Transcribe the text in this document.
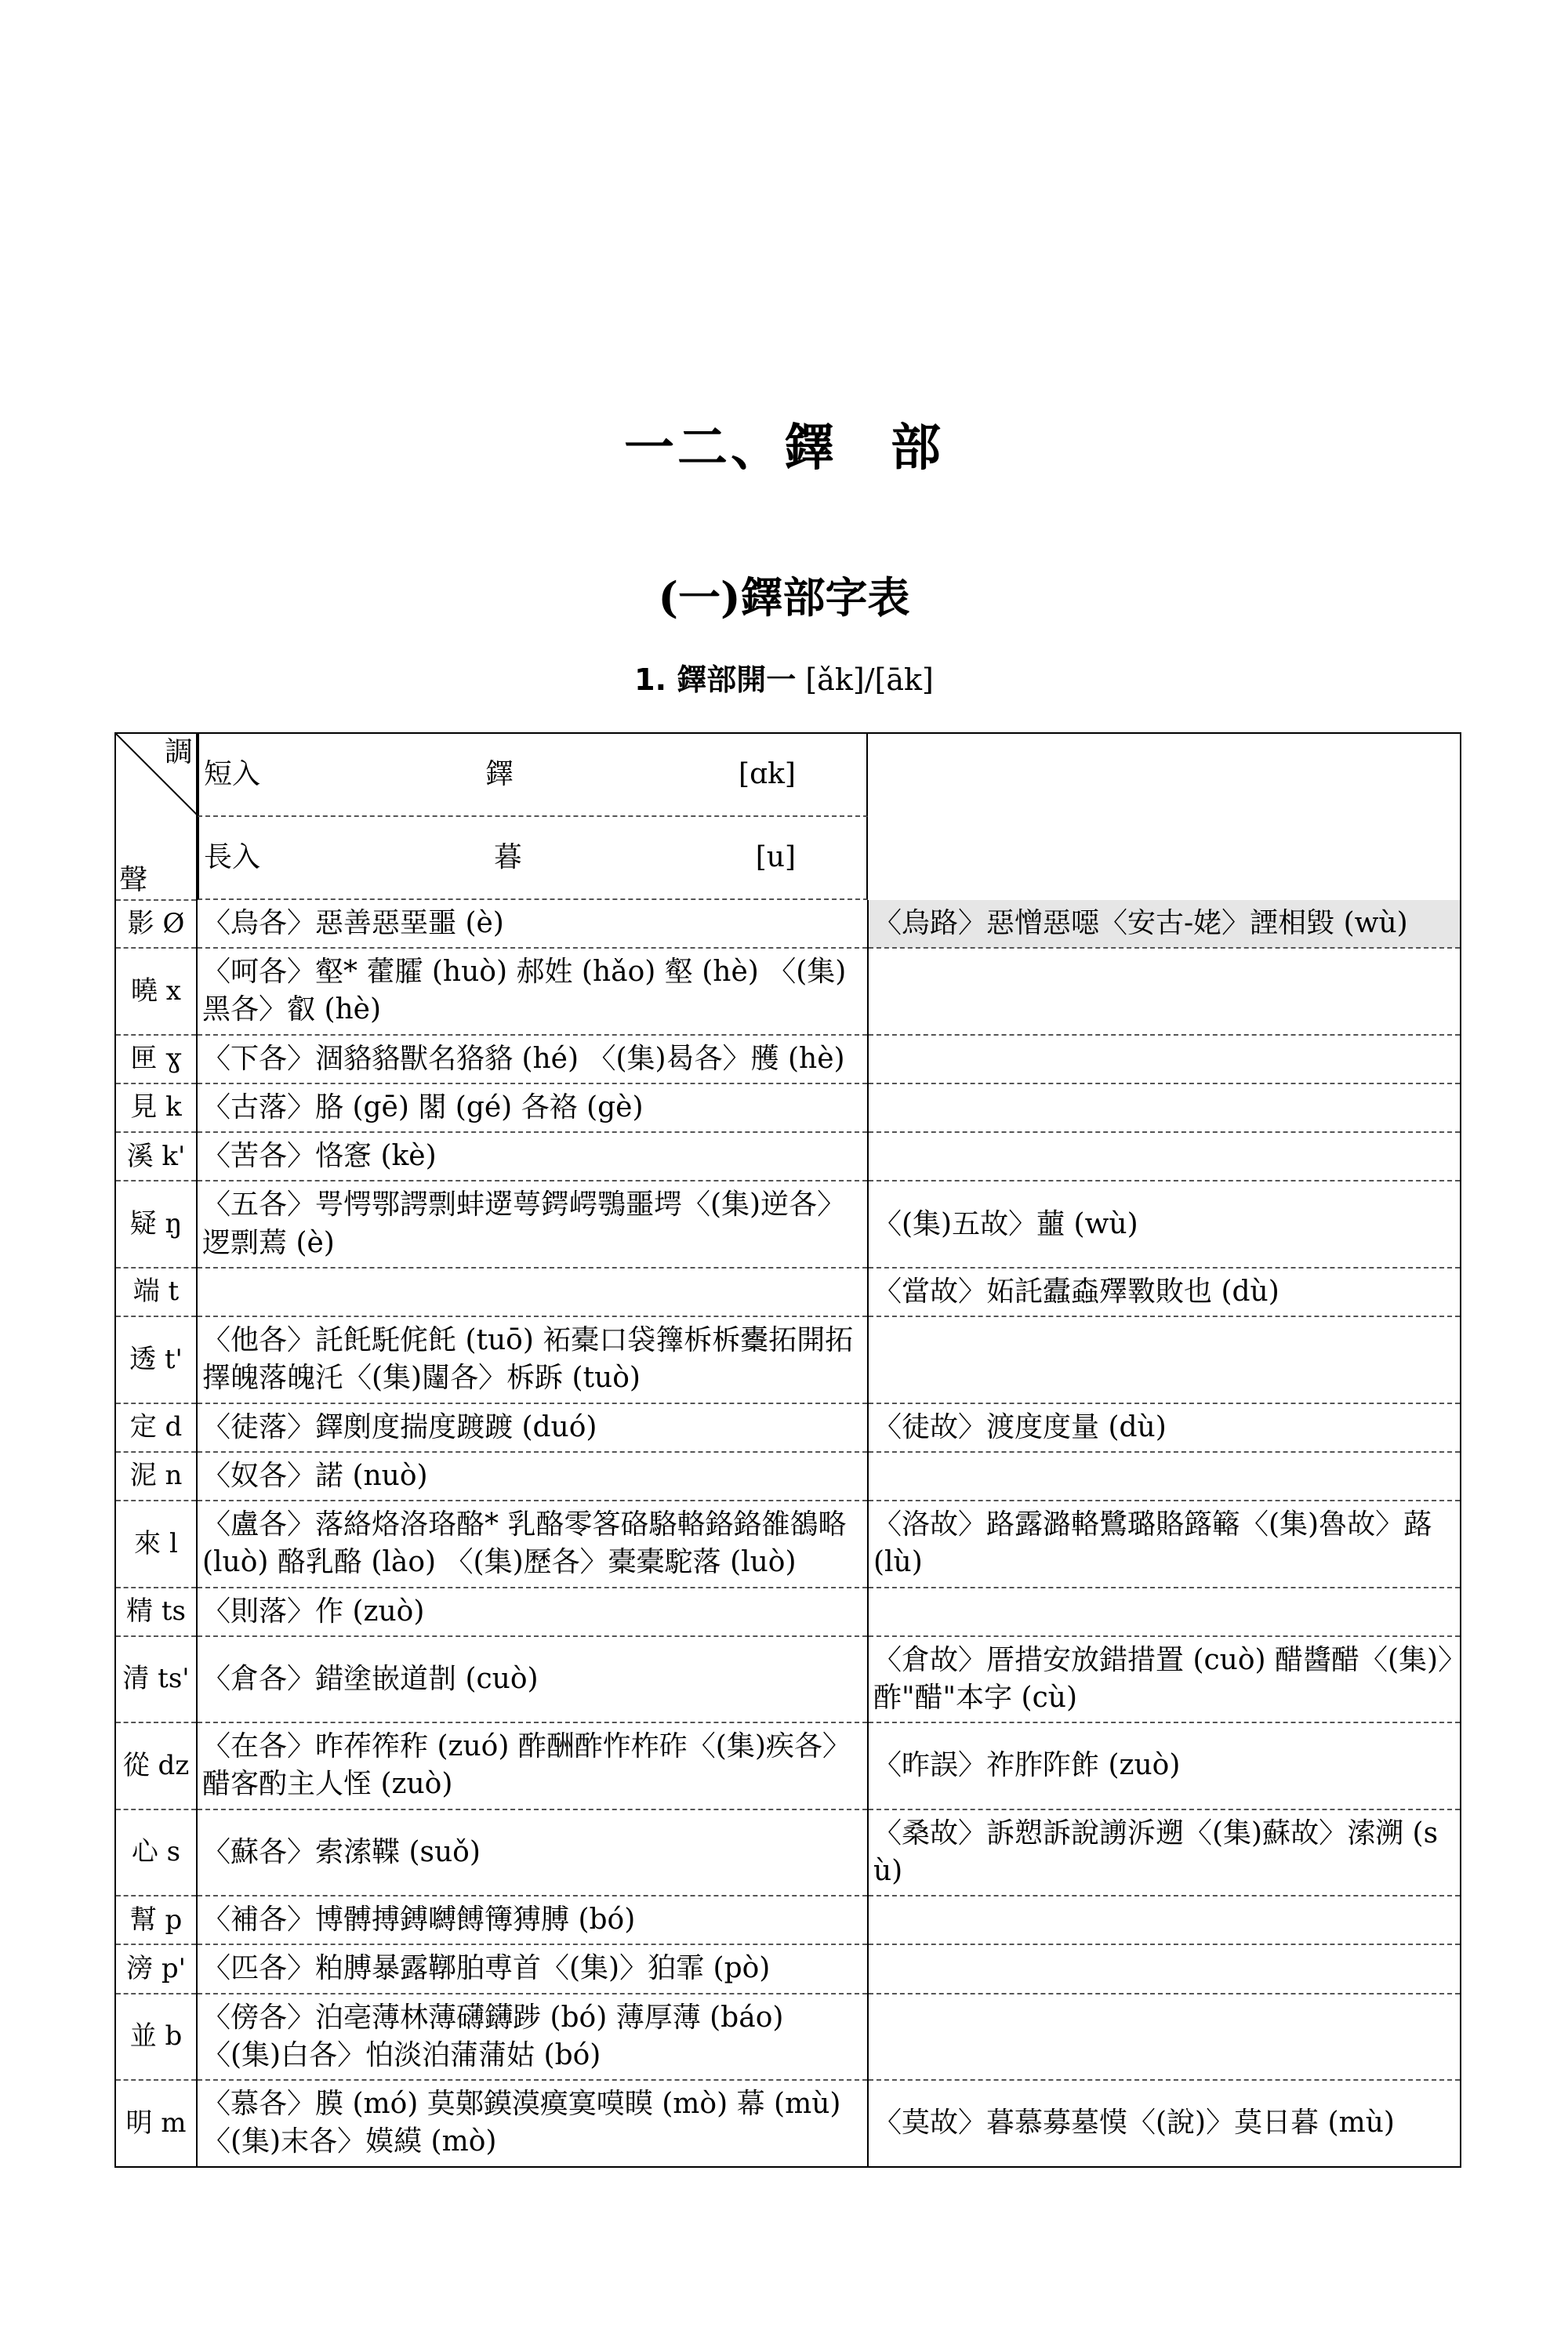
一二、鐸　部
(一)鐸部字表
1. 鐸部開一 [ǎk]/[āk]
調
聲

短入	鐸	[ɑk]
長入	暮	[u]

影 Ø	〈烏各〉惡善惡堊噩 (è)	〈烏路〉惡憎惡噁〈安古-姥〉諲相毀 (wù)
曉 x	〈呵各〉壑* 藿臛 (huò) 郝姓 (hǎo) 壑 (hè) 〈(集)黑各〉叡 (hè)	
匣 ɣ	〈下各〉涸貉貉獸名狢貉 (hé) 〈(集)曷各〉雘 (hè)	
見 k	〈古落〉胳 (gē) 閣 (gé) 各袼 (gè)	
溪 k'	〈苦各〉恪愙 (kè)	
疑 ŋ	〈五各〉咢愕鄂諤剽蚌遻萼鍔崿鶚噩堮〈(集)逆各〉逻剽蔫 (è)	〈(集)五故〉蘁 (wù)
端 t		〈當故〉妬託蠹螙殬斁敗也 (dù)
透 t'	〈他各〉託飥馲侂飥 (tuō) 袥橐口袋籜柝柝櫜拓開拓擇魄落魄汑〈(集)闥各〉柝跅 (tuò)	
定 d	〈徒落〉鐸剫度揣度踱踱 (duó)	〈徒故〉渡度度量 (dù)
泥 n	〈奴各〉諾 (nuò)	
來 l	〈盧各〉落絡烙洛珞酪* 乳酪零笿硌駱輅鉻鉻雒鵅略 (luò) 酪乳酪 (lào) 〈(集)歷各〉橐橐駝落 (luò)	〈洛故〉路露潞輅鷺璐賂簬簵〈(集)魯故〉蕗 (lù)
精 ts	〈則落〉作 (zuò)	
清 ts'	〈倉各〉錯塗嵌道剒 (cuò)	〈倉故〉厝措安放錯措置 (cuò) 醋醬醋〈(集)〉酢"醋"本字 (cù)
從 dz	〈在各〉昨莋筰秨 (zuó) 酢酬酢怍柞砟〈(集)疾各〉醋客酌主人恎 (zuò)	〈昨誤〉祚胙阼飵 (zuò)
心 s	〈蘇各〉索溹鞢 (suǒ)	〈桑故〉訴愬訴說謭泝遡〈(集)蘇故〉溹溯 (sù)
幫 p	〈補各〉博髆搏鎛嚩餺簙猼膊 (bó)	
滂 p'	〈匹各〉粕膊暴露鞹胉尃首〈(集)〉狛霏 (pò)	
並 b	〈傍各〉泊亳薄林薄礴鑮踄 (bó) 薄厚薄 (báo) 〈(集)白各〉怕淡泊蒲蒲姑 (bó)	
明 m	〈慕各〉膜 (mó) 莫鄚鏌漠瘼寞嗼瞙 (mò) 幕 (mù) 〈(集)末各〉嫫縸 (mò)	〈莫故〉暮慕募墓慔〈(說)〉莫日暮 (mù)
